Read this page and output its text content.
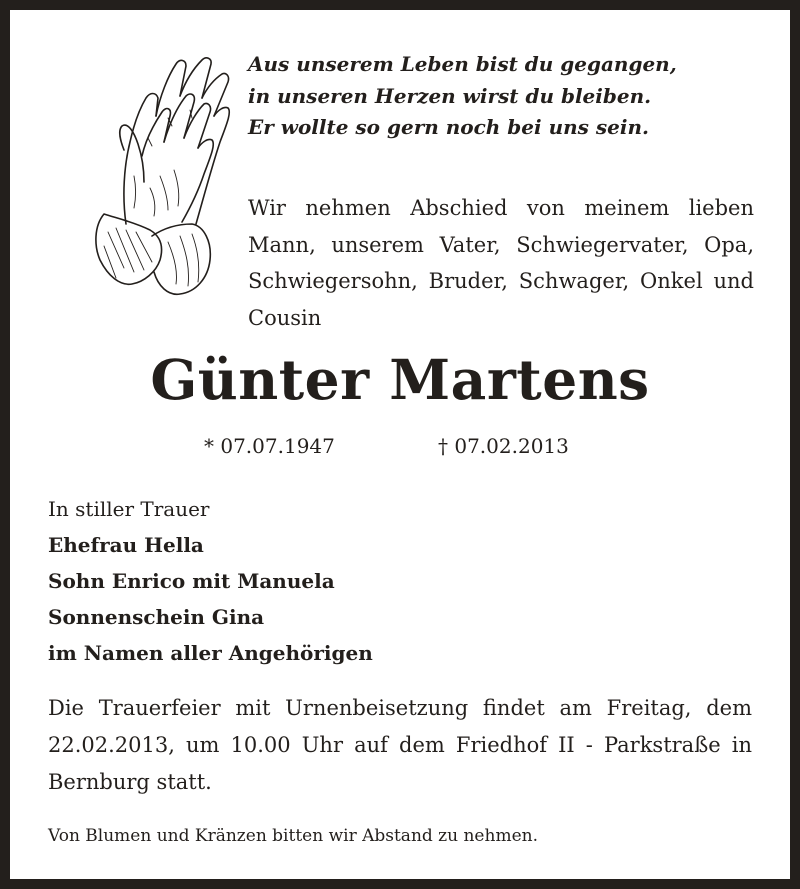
Aus unserem Leben bist du gegangen,
in unseren Herzen wirst du bleiben.
Er wollte so gern noch bei uns sein.

Wir nehmen Abschied von meinem lieben Mann, unserem Vater, Schwiegervater, Opa, Schwiegersohn, Bruder, Schwager, Onkel und Cousin

Günter Martens
* 07.07.1947	† 07.02.2013
In stiller Trauer
Ehefrau Hella
Sohn Enrico mit Manuela
Sonnenschein Gina
im Namen aller Angehörigen

Die Trauerfeier mit Urnenbeisetzung findet am Freitag, dem 22.02.2013, um 10.00 Uhr auf dem Friedhof II - Parkstraße in Bernburg statt.

Von Blumen und Kränzen bitten wir Abstand zu nehmen.
